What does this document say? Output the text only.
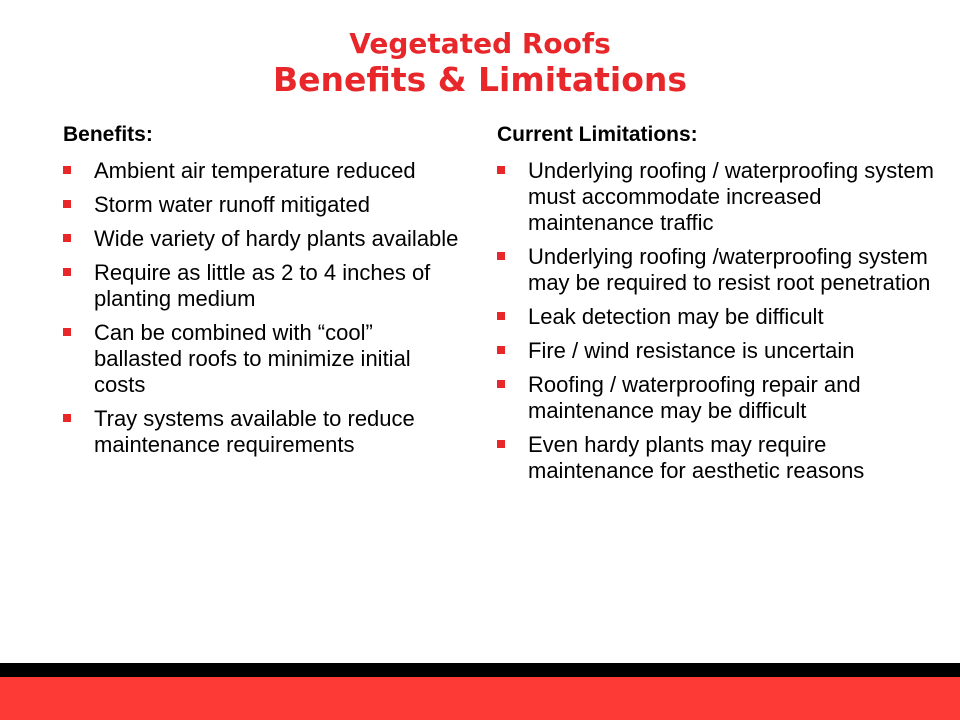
Vegetated Roofs
Benefits & Limitations
Benefits:
Ambient air temperature reduced
Storm water runoff mitigated
Wide variety of hardy plants available
Require as little as 2 to 4 inches of planting medium
Can be combined with “cool” ballasted roofs to minimize initial costs
Tray systems available to reduce maintenance requirements
Current Limitations:
Underlying roofing / waterproofing system must accommodate increased maintenance traffic
Underlying roofing /waterproofing system may be required to resist root penetration
Leak detection may be difficult
Fire / wind resistance is uncertain
Roofing / waterproofing repair and maintenance may be difficult
Even hardy plants may require maintenance for aesthetic reasons
